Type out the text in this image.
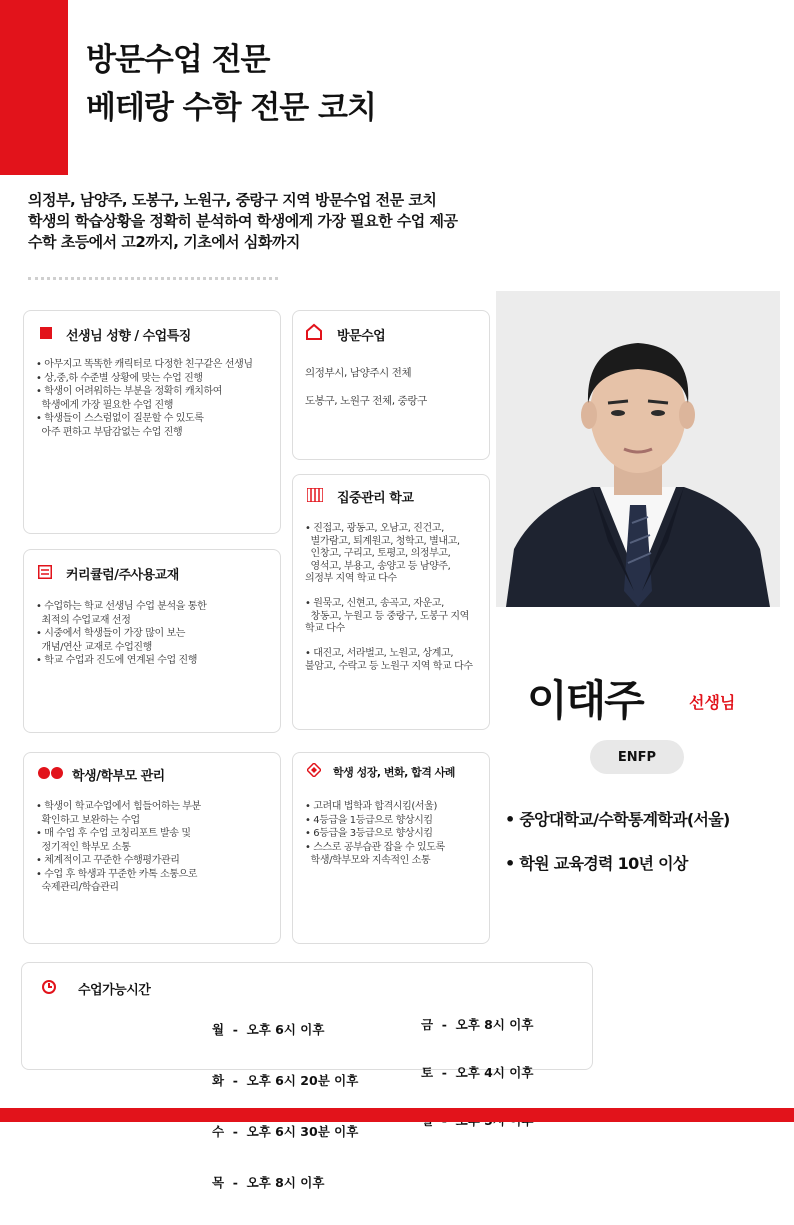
방문수업 전문
베테랑 수학 전문 코치
의정부, 남양주, 도봉구, 노원구, 중랑구 지역 방문수업 전문 코치
학생의 학습상황을 정확히 분석하여 학생에게 가장 필요한 수업 제공
수학 초등에서 고2까지, 기초에서 심화까지
선생님 성향 / 수업특징
• 아무지고 똑똑한 캐릭터로 다정한 친구같은 선생님
• 상,중,하 수준별 상황에 맞는 수업 진행
• 학생이 어려워하는 부분을 정확히 캐치하여
학생에게 가장 필요한 수업 진행
• 학생들이 스스럼없이 질문할 수 있도록
아주 편하고 부담감없는 수업 진행
방문수업
의정부시, 남양주시 전체
도봉구, 노원구 전체, 중랑구
집중관리 학교
• 진접고, 광동고, 오남고, 진건고,
별가람고, 퇴계원고, 청학고, 별내고,
인창고, 구리고, 토평고, 의정부고,
영석고, 부용고, 송양고 등 남양주,
의정부 지역 학교 다수

• 원묵고, 신현고, 송곡고, 자운고,
창동고, 누원고 등 중랑구, 도봉구 지역
학교 다수

• 대진고, 서라벌고, 노원고, 상계고,
불암고, 수락고 등 노원구 지역 학교 다수
커리큘럼/주사용교재
• 수업하는 학교 선생님 수업 분석을 통한
최적의 수업교재 선정
• 시중에서 학생들이 가장 많이 보는
개념/연산 교재로 수업진행
• 학교 수업과 진도에 연계된 수업 진행
학생/학부모 관리
• 학생이 학교수업에서 힘들어하는 부분
확인하고 보완하는 수업
• 매 수업 후 수업 코칭리포트 발송 및
정기적인 학부모 소통
• 체계적이고 꾸준한 수행평가관리
• 수업 후 학생과 꾸준한 카톡 소통으로
숙제관리/학습관리
학생 성장, 변화, 합격 사례
• 고려대 법학과 합격시킴(서울)
• 4등급을 1등급으로 향상시킴
• 6등급을 3등급으로 향상시킴
• 스스로 공부습관 잡을 수 있도록
학생/학부모와 지속적인 소통
이태주	선생님
ENFP
• 중앙대학교/수학통계학과(서울)
• 학원 교육경력 10년 이상
수업가능시간

월  -  오후 6시 이후

화  -  오후 6시 20분 이후

수  -  오후 6시 30분 이후

목  -  오후 8시 이후

금  -  오후 8시 이후

토  -  오후 4시 이후
